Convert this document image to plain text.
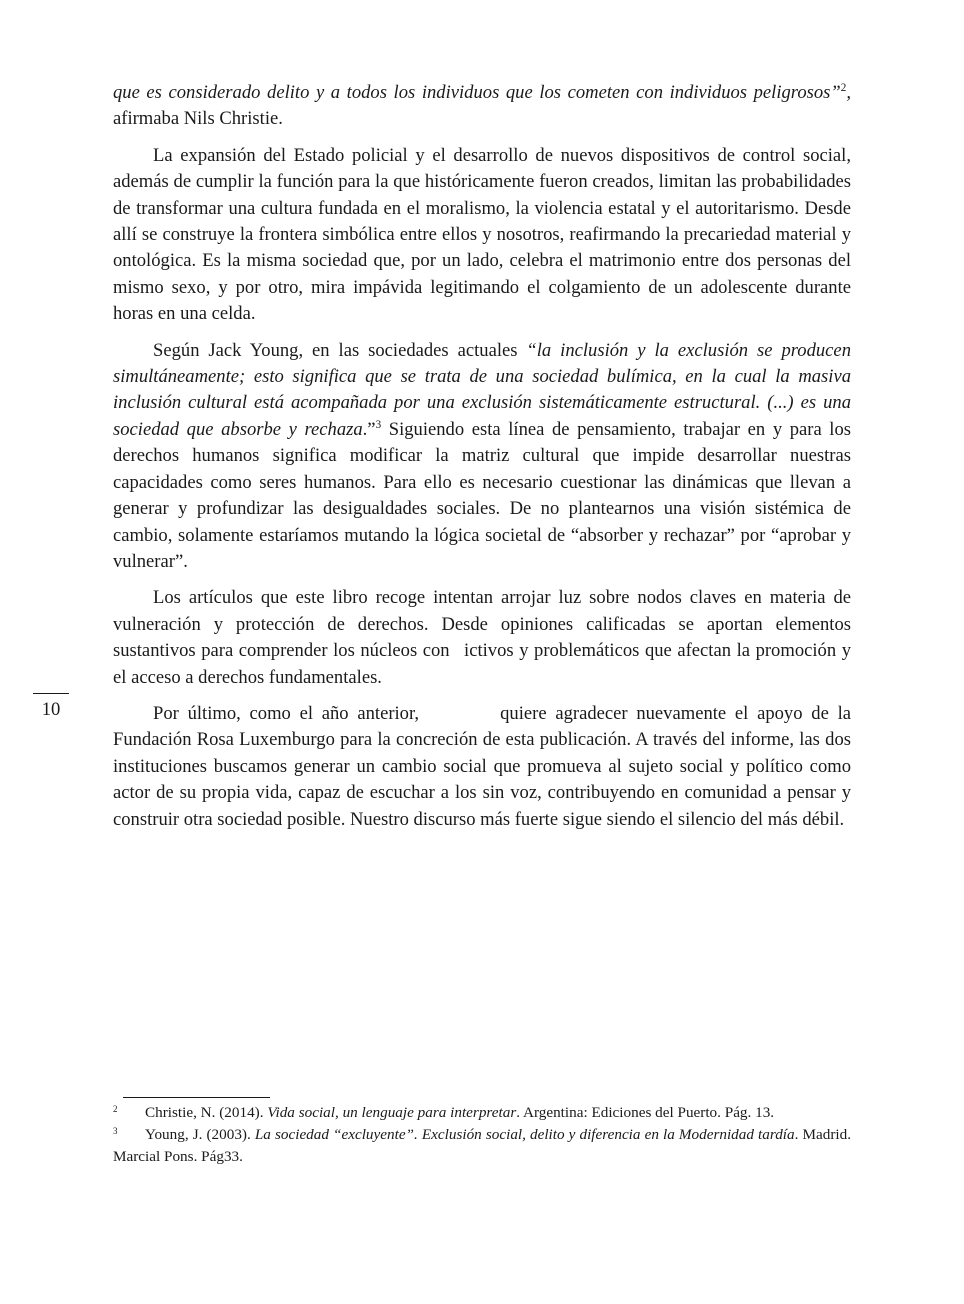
que es considerado delito y a todos los individuos que los cometen con individuos peligrosos”$^2$, afirmaba Nils Christie.

La expansión del Estado policial y el desarrollo de nuevos dispositivos de control social, además de cumplir la función para la que históricamente fueron creados, limitan las probabilidades de transformar una cultura fundada en el moralismo, la violencia estatal y el autoritarismo. Desde allí se construye la frontera simbólica entre ellos y nosotros, reafirmando la precariedad material y ontológica. Es la misma sociedad que, por un lado, celebra el matrimonio entre dos personas del mismo sexo, y por otro, mira impávida legitimando el colgamiento de un adolescente durante horas en una celda.

Según Jack Young, en las sociedades actuales “la inclusión y la exclusión se producen simultáneamente; esto significa que se trata de una sociedad bulímica, en la cual la masiva inclusión cultural está acompañada por una exclusión sistemáticamente estructural. (...) es una sociedad que absorbe y rechaza.”$^3$ Siguiendo esta línea de pensamiento, trabajar en y para los derechos humanos significa modificar la matriz cultural que impide desarrollar nuestras capacidades como seres humanos. Para ello es necesario cuestionar las dinámicas que llevan a generar y profundizar las desigualdades sociales. De no plantearnos una visión sistémica de cambio, solamente estaríamos mutando la lógica societal de “absorber y rechazar” por “aprobar y vulnerar”.

Los artículos que este libro recoge intentan arrojar luz sobre nodos claves en materia de vulneración y protección de derechos. Desde opiniones calificadas se aportan elementos sustantivos para comprender los núcleos con￿ictivos y problemáticos que afectan la promoción y el acceso a derechos fundamentales.

Por último, como el año anterior, ￿￿￿￿￿quiere agradecer nuevamente el apoyo de la Fundación Rosa Luxemburgo para la concreción de esta publicación. A través del informe, las dos instituciones buscamos generar un cambio social que promueva al sujeto social y político como actor de su propia vida, capaz de escuchar a los sin voz, contribuyendo en comunidad a pensar y construir otra sociedad posible. Nuestro discurso más fuerte sigue siendo el silencio del más débil.

10

2 Christie, N. (2014). Vida social, un lenguaje para interpretar. Argentina: Ediciones del Puerto. Pág. 13.

3 Young, J. (2003). La sociedad “excluyente”. Exclusión social, delito y diferencia en la Modernidad tardía. Madrid. Marcial Pons. Pág33.
